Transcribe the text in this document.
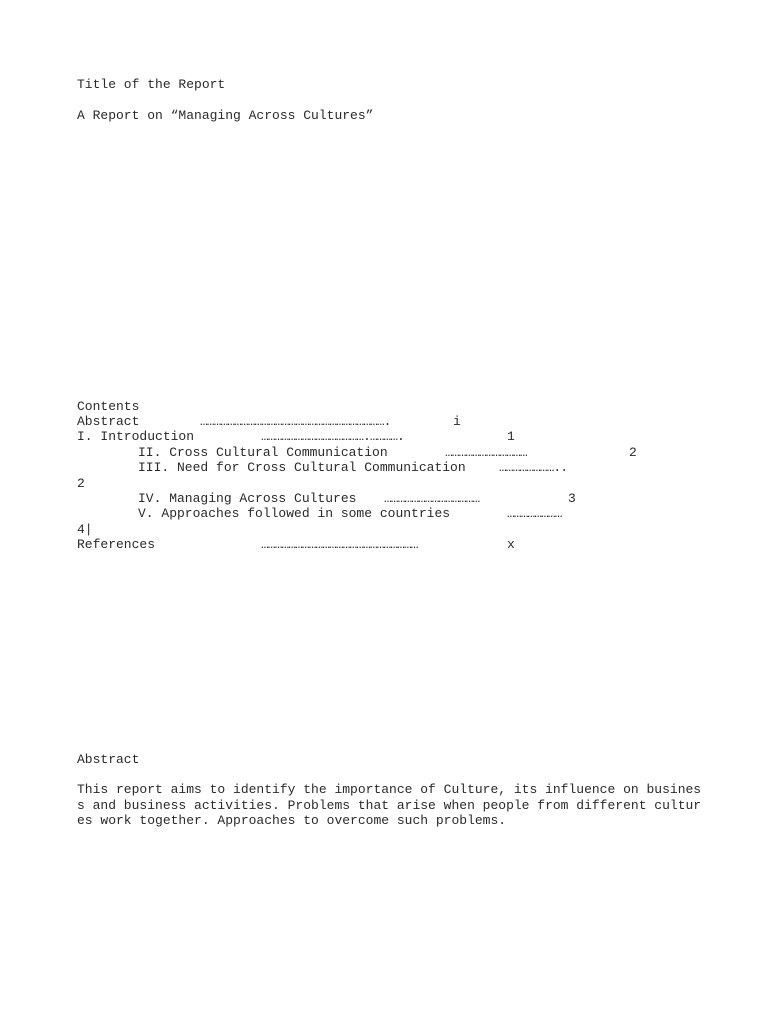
Title of the Report
A Report on “Managing Across Cultures”
Contents
Abstract	……………………………………………………………………….	i
I. Introduction	……………………………………….………….	1
II. Cross Cultural Communication	………………………………	2
III. Need for Cross Cultural Communication	……………………..
2
IV. Managing Across Cultures ……………………………………	3
V. Approaches followed in some countries	……………………
4|
References	……………………………………………………………	x
Abstract
This report aims to identify the importance of Culture, its influence on busines
s and business activities. Problems that arise when people from different cultur
es work together. Approaches to overcome such problems.
